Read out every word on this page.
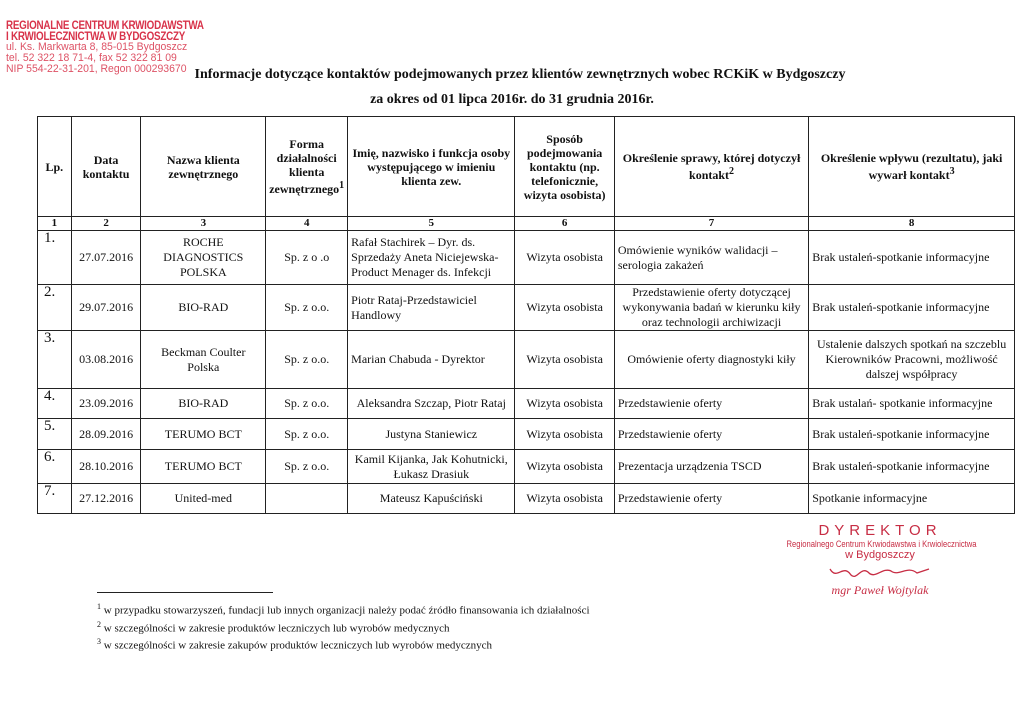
REGIONALNE CENTRUM KRWIODAWSTWA
I KRWIOLECZNICTWA W BYDGOSZCZY
ul. Ks. Markwarta 8, 85-015 Bydgoszcz
tel. 52 322 18 71-4, fax 52 322 81 09
NIP 554-22-31-201, Regon 000293670 Informacje dotyczące kontaktów podejmowanych przez klientów zewnętrznych wobec RCKiK w Bydgoszczy
za okres od 01 lipca 2016r. do 31 grudnia 2016r.
Lp.	Data kontaktu	Nazwa klienta zewnętrznego	Forma działalności klienta zewnętrznego$^1$	Imię, nazwisko i funkcja osoby występującego w imieniu klienta zew.	Sposób podejmowania kontaktu (np. telefonicznie, wizyta osobista)	Określenie sprawy, której dotyczył kontakt$^2$	Określenie wpływu (rezultatu), jaki wywarł kontakt$^3$
1	2	3	4	5	6	7	8
1.	27.07.2016	ROCHE DIAGNOSTICS POLSKA	Sp. z o .o	Rafał Stachirek – Dyr. ds. Sprzedaży Aneta Niciejewska-Product Menager ds. Infekcji	Wizyta osobista	Omówienie wyników walidacji – serologia zakażeń	Brak ustaleń-spotkanie informacyjne
2.	29.07.2016	BIO-RAD	Sp. z o.o.	Piotr Rataj-Przedstawiciel Handlowy	Wizyta osobista	Przedstawienie oferty dotyczącej wykonywania badań w kierunku kiły oraz technologii archiwizacji	Brak ustaleń-spotkanie informacyjne
3.	03.08.2016	Beckman Coulter Polska	Sp. z o.o.	Marian Chabuda - Dyrektor	Wizyta osobista	Omówienie oferty diagnostyki kiły	Ustalenie dalszych spotkań na szczeblu Kierowników Pracowni, możliwość dalszej współpracy
4.	23.09.2016	BIO-RAD	Sp. z o.o.	Aleksandra Szczap, Piotr Rataj	Wizyta osobista	Przedstawienie oferty	Brak ustalań- spotkanie informacyjne
5.	28.09.2016	TERUMO BCT	Sp. z o.o.	Justyna Staniewicz	Wizyta osobista	Przedstawienie oferty	Brak ustaleń-spotkanie informacyjne
6.	28.10.2016	TERUMO BCT	Sp. z o.o.	Kamil Kijanka, Jak Kohutnicki, Łukasz Drasiuk	Wizyta osobista	Prezentacja urządzenia TSCD	Brak ustaleń-spotkanie informacyjne
7.	27.12.2016	United-med		Mateusz Kapuściński	Wizyta osobista	Przedstawienie oferty	Spotkanie informacyjne
DYREKTOR
Regionalnego Centrum Krwiodawstwa i Krwiolecznictwa
w Bydgoszczy
mgr Paweł Wojtylak
$^1$ w przypadku stowarzyszeń, fundacji lub innych organizacji należy podać źródło finansowania ich działalności
$^2$ w szczególności w zakresie produktów leczniczych lub wyrobów medycznych
$^3$ w szczególności w zakresie zakupów produktów leczniczych lub wyrobów medycznych
